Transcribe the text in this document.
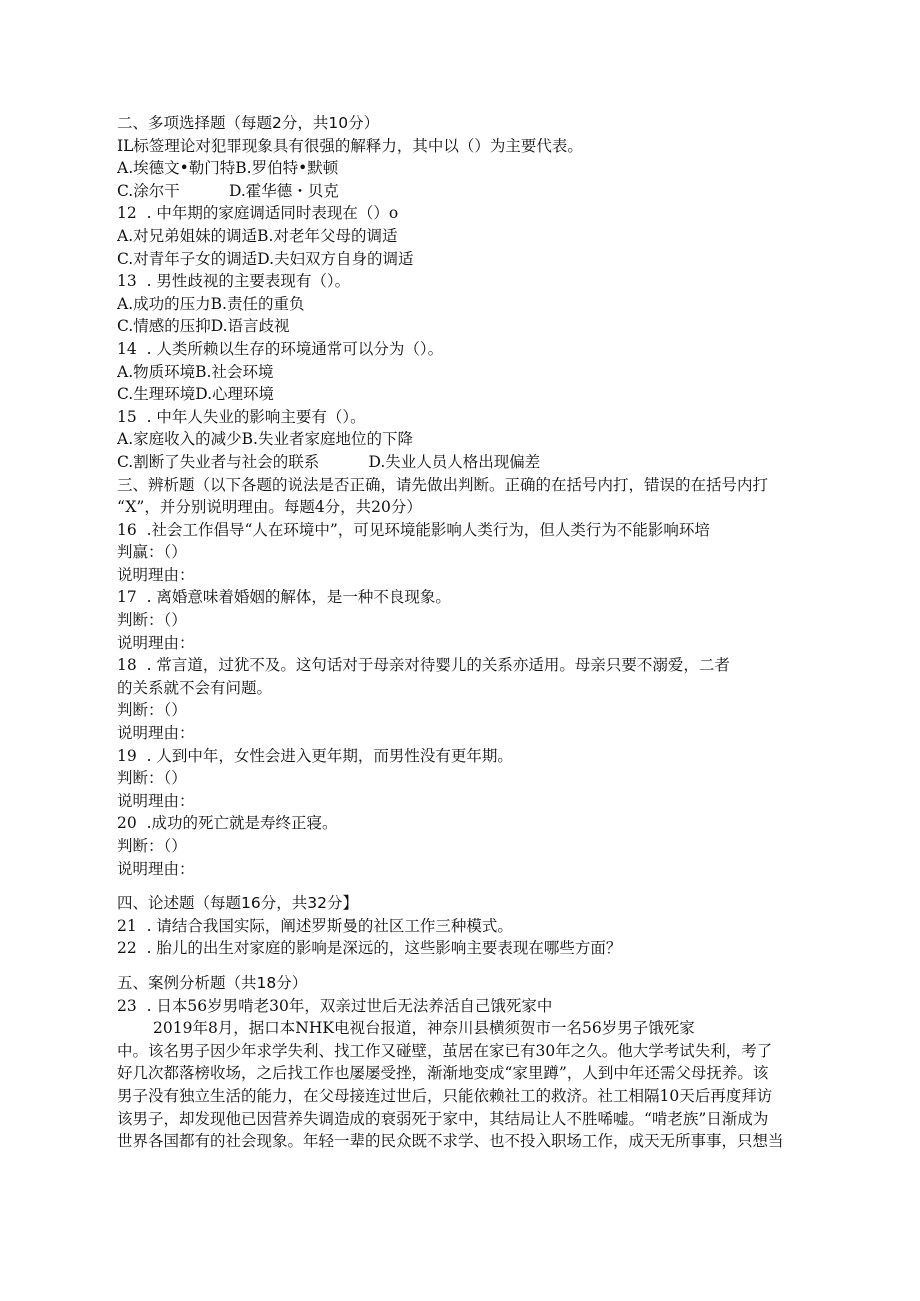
二、多项选择题（每题2分，共10分）
IL标签理论对犯罪现象具有很强的解释力，其中以（）为主要代表。
A.埃德文•勒门特B.罗伯特•默顿
C.涂尔干          D.霍华德・贝克
12  . 中年期的家庭调适同时表现在（）o
A.对兄弟姐妹的调适B.对老年父母的调适
C.对青年子女的调适D.夫妇双方自身的调适
13  . 男性歧视的主要表现有（）。
A.成功的压力B.责任的重负
C.情感的压抑D.语言歧视
14  . 人类所赖以生存的环境通常可以分为（）。
A.物质环境B.社会环境
C.生理环境D.心理环境
15  . 中年人失业的影响主要有（）。
A.家庭收入的减少B.失业者家庭地位的下降
C.割断了失业者与社会的联系          D.失业人员人格出现偏差
三、辨析题（以下各题的说法是否正确，请先做出判断。正确的在括号内打，错误的在括号内打
“X”，并分别说明理由。每题4分，共20分）
16  .社会工作倡导“人在环境中”，可见环境能影响人类行为，但人类行为不能影响环培
判赢：（）
说明理由：
17  . 离婚意味着婚姻的解体，是一种不良现象。
判断：（）
说明理由：
18  . 常言道，过犹不及。这句话对于母亲对待婴儿的关系亦适用。母亲只要不溺爱，二者
的关系就不会有问题。
判断：（）
说明理由：
19  . 人到中年，女性会进入更年期，而男性没有更年期。
判断：（）
说明理由：
20  .成功的死亡就是寿终正寝。
判断：（）
说明理由：
四、论述题（每题16分，共32分】
21  . 请结合我国实际，阐述罗斯曼的社区工作三种模式。
22  . 胎儿的出生对家庭的影响是深远的，这些影响主要表现在哪些方面？
五、案例分析题（共18分）
23  . 日本56岁男啃老30年，双亲过世后无法养活自己饿死家中
2019年8月，据口本NHK电视台报道，神奈川县横须贺市一名56岁男子饿死家
中。该名男子因少年求学失利、找工作又碰壁，茧居在家已有30年之久。他大学考试失利，考了
好几次都落榜收场，之后找工作也屡屡受挫，渐渐地变成“家里蹲”，人到中年还需父母抚养。该
男子没有独立生活的能力，在父母接连过世后，只能依赖社工的救济。社工相隔10天后再度拜访
该男子，却发现他已因营养失调造成的衰弱死于家中，其结局让人不胜唏嘘。“啃老族”日渐成为
世界各国都有的社会现象。年轻一辈的民众既不求学、也不投入职场工作，成天无所事事，只想当
